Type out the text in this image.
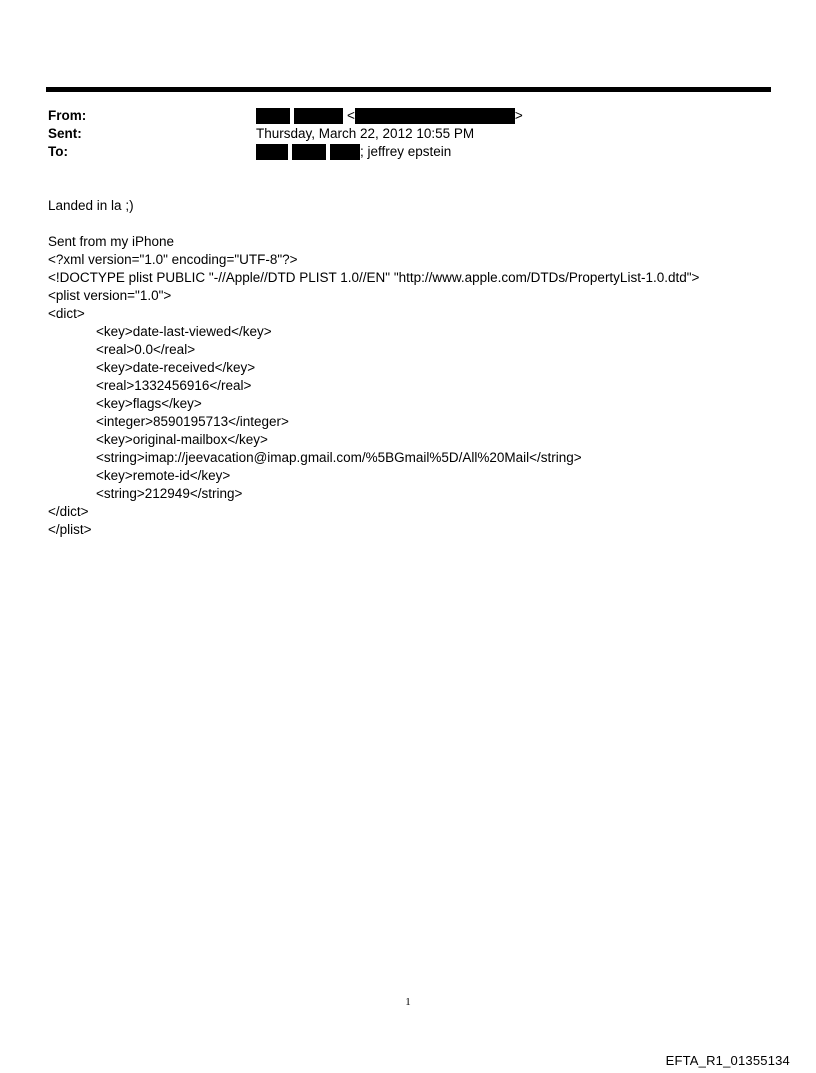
From:	<	>
Sent:	Thursday, March 22, 2012 10:55 PM
To:	; jeffrey epstein
Landed in la ;)
Sent from my iPhone
<?xml version="1.0" encoding="UTF-8"?>
<!DOCTYPE plist PUBLIC "-//Apple//DTD PLIST 1.0//EN" "http://www.apple.com/DTDs/PropertyList-1.0.dtd">
<plist version="1.0">
<dict>
<key>date-last-viewed</key>
<real>0.0</real>
<key>date-received</key>
<real>1332456916</real>
<key>flags</key>
<integer>8590195713</integer>
<key>original-mailbox</key>
<string>imap://jeevacation@imap.gmail.com/%5BGmail%5D/All%20Mail</string>
<key>remote-id</key>
<string>212949</string>
</dict>
</plist>
1
EFTA_R1_01355134
